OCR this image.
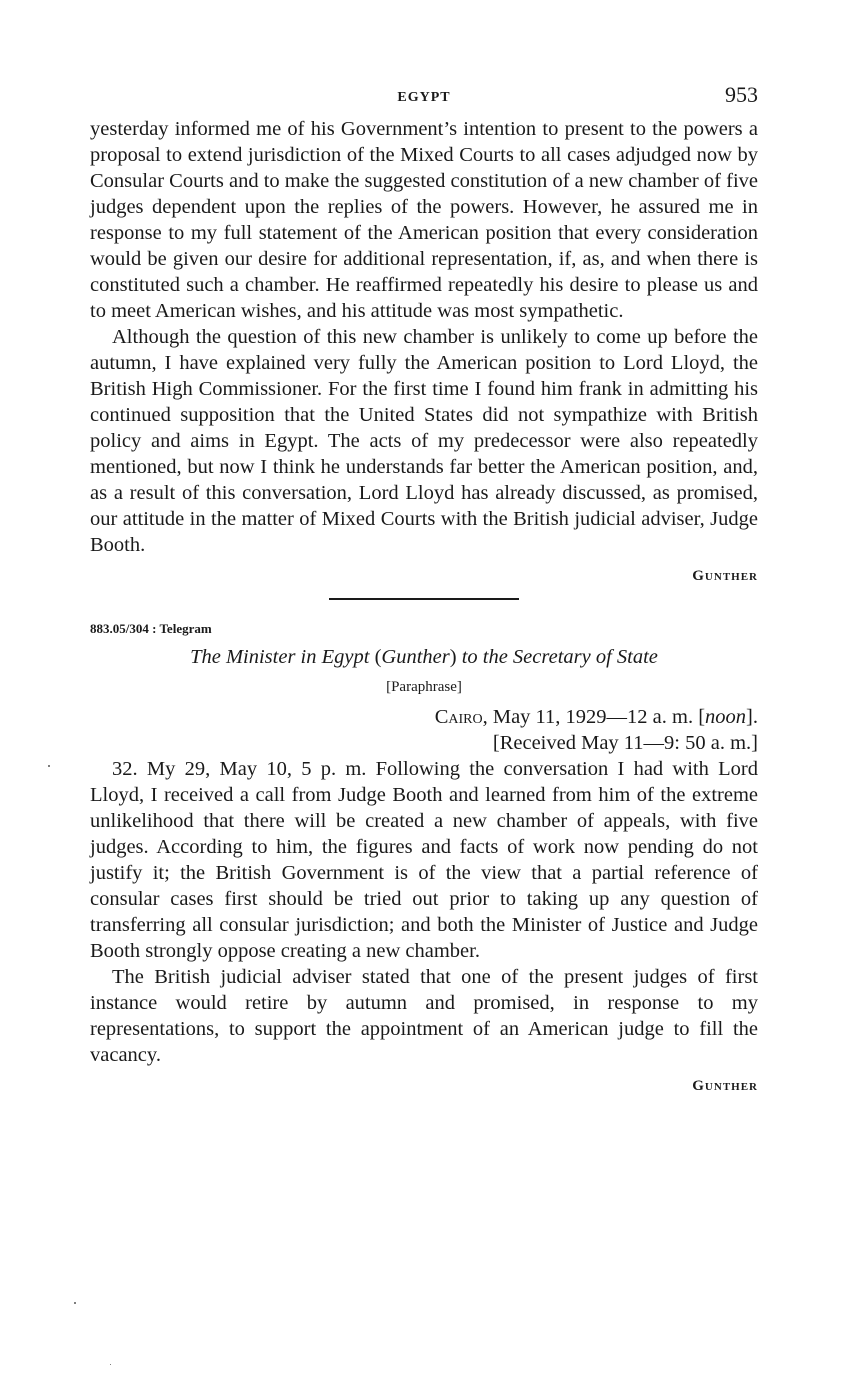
EGYPT	953

yesterday informed me of his Government’s intention to present to the powers a proposal to extend jurisdiction of the Mixed Courts to all cases adjudged now by Consular Courts and to make the suggested constitution of a new chamber of five judges dependent upon the replies of the powers. However, he assured me in response to my full statement of the American position that every consideration would be given our desire for additional representation, if, as, and when there is constituted such a chamber. He reaffirmed repeatedly his desire to please us and to meet American wishes, and his attitude was most sympathetic.

Although the question of this new chamber is unlikely to come up before the autumn, I have explained very fully the American position to Lord Lloyd, the British High Commissioner. For the first time I found him frank in admitting his continued supposition that the United States did not sympathize with British policy and aims in Egypt. The acts of my predecessor were also repeatedly mentioned, but now I think he understands far better the American position, and, as a result of this conversation, Lord Lloyd has already discussed, as promised, our attitude in the matter of Mixed Courts with the British judicial adviser, Judge Booth.

Gunther
883.05/304 : Telegram
The Minister in Egypt (Gunther) to the Secretary of State
[Paraphrase]
Cairo, May 11, 1929—12 a. m. [noon].
[Received May 11—9: 50 a. m.]

32. My 29, May 10, 5 p. m. Following the conversation I had with Lord Lloyd, I received a call from Judge Booth and learned from him of the extreme unlikelihood that there will be created a new chamber of appeals, with five judges. According to him, the figures and facts of work now pending do not justify it; the British Government is of the view that a partial reference of consular cases first should be tried out prior to taking up any question of transferring all consular jurisdiction; and both the Minister of Justice and Judge Booth strongly oppose creating a new chamber.

The British judicial adviser stated that one of the present judges of first instance would retire by autumn and promised, in response to my representations, to support the appointment of an American judge to fill the vacancy.

Gunther
